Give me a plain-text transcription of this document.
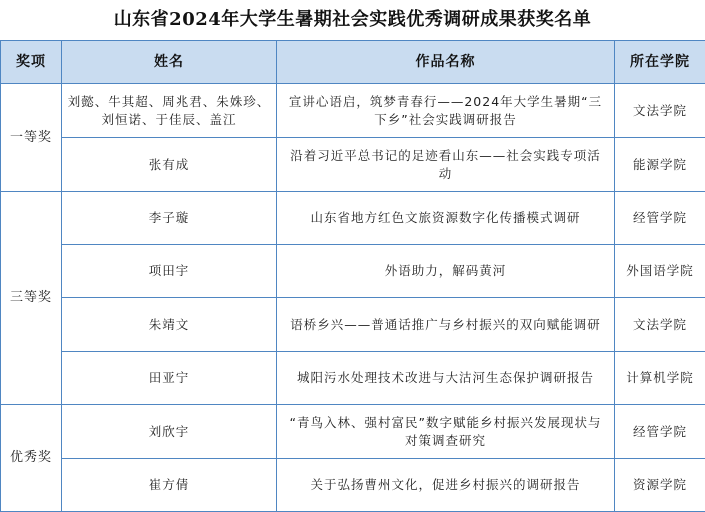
山东省2024年大学生暑期社会实践优秀调研成果获奖名单
奖项	姓名	作品名称	所在学院
一等奖	刘懿、牛其超、周兆君、朱姝珍、刘恒诺、于佳辰、盖江	宣讲心语启，筑梦青春行——2024年大学生暑期“三下乡”社会实践调研报告	文法学院
	张有成	沿着习近平总书记的足迹看山东——社会实践专项活动	能源学院
三等奖	李子璇	山东省地方红色文旅资源数字化传播模式调研	经管学院
	项田宇	外语助力，解码黄河	外国语学院
	朱靖文	语桥乡兴——普通话推广与乡村振兴的双向赋能调研	文法学院
	田亚宁	城阳污水处理技术改进与大沽河生态保护调研报告	计算机学院
优秀奖	刘欣宇	“青鸟入林、强村富民”数字赋能乡村振兴发展现状与对策调查研究	经管学院
	崔方倩	关于弘扬曹州文化，促进乡村振兴的调研报告	资源学院
